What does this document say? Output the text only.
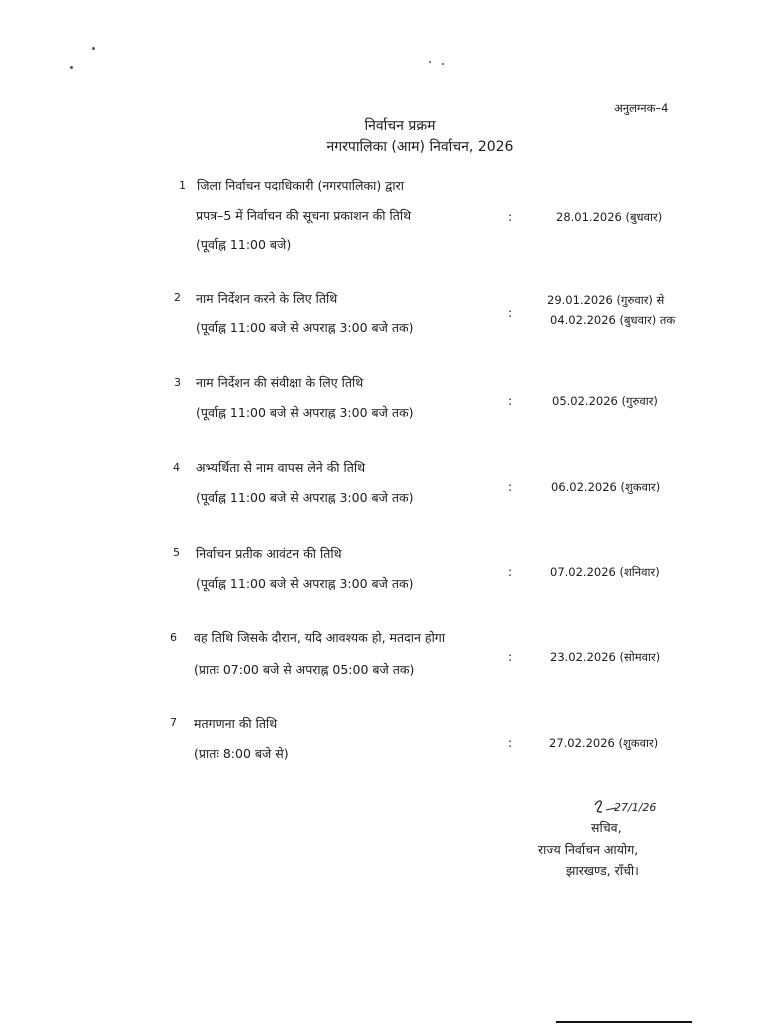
अनुलग्नक–4
निर्वाचन प्रक्रम
नगरपालिका (आम) निर्वाचन, 2026
1 जिला निर्वाचन पदाधिकारी (नगरपालिका) द्वारा
प्रपत्र–5 में निर्वाचन की सूचना प्रकाशन की तिथि
(पूर्वाह्न 11:00 बजे)
:	28.01.2026 (बुधवार)
2 नाम निर्देशन करने के लिए तिथि
(पूर्वाह्न 11:00 बजे से अपराह्न 3:00 बजे तक)
:
29.01.2026 (गुरुवार) से
04.02.2026 (बुधवार) तक
3 नाम निर्देशन की संवीक्षा के लिए तिथि
(पूर्वाह्न 11:00 बजे से अपराह्न 3:00 बजे तक)
:	05.02.2026 (गुरुवार)
4 अभ्यर्थिता से नाम वापस लेने की तिथि
(पूर्वाह्न 11:00 बजे से अपराह्न 3:00 बजे तक)
:	06.02.2026 (शुकवार)
5 निर्वाचन प्रतीक आवंटन की तिथि
(पूर्वाह्न 11:00 बजे से अपराह्न 3:00 बजे तक)
:	07.02.2026 (शनिवार)
6 वह तिथि जिसके दौरान, यदि आवश्यक हो, मतदान होगा
(प्रातः 07:00 बजे से अपराह्न 05:00 बजे तक)
:	23.02.2026 (सोमवार)
7 मतगणना की तिथि
(प्रातः 8:00 बजे से)
:	27.02.2026 (शुकवार)
27/1/26
सचिव,
राज्य निर्वाचन आयोग,
झारखण्ड, राँची।
